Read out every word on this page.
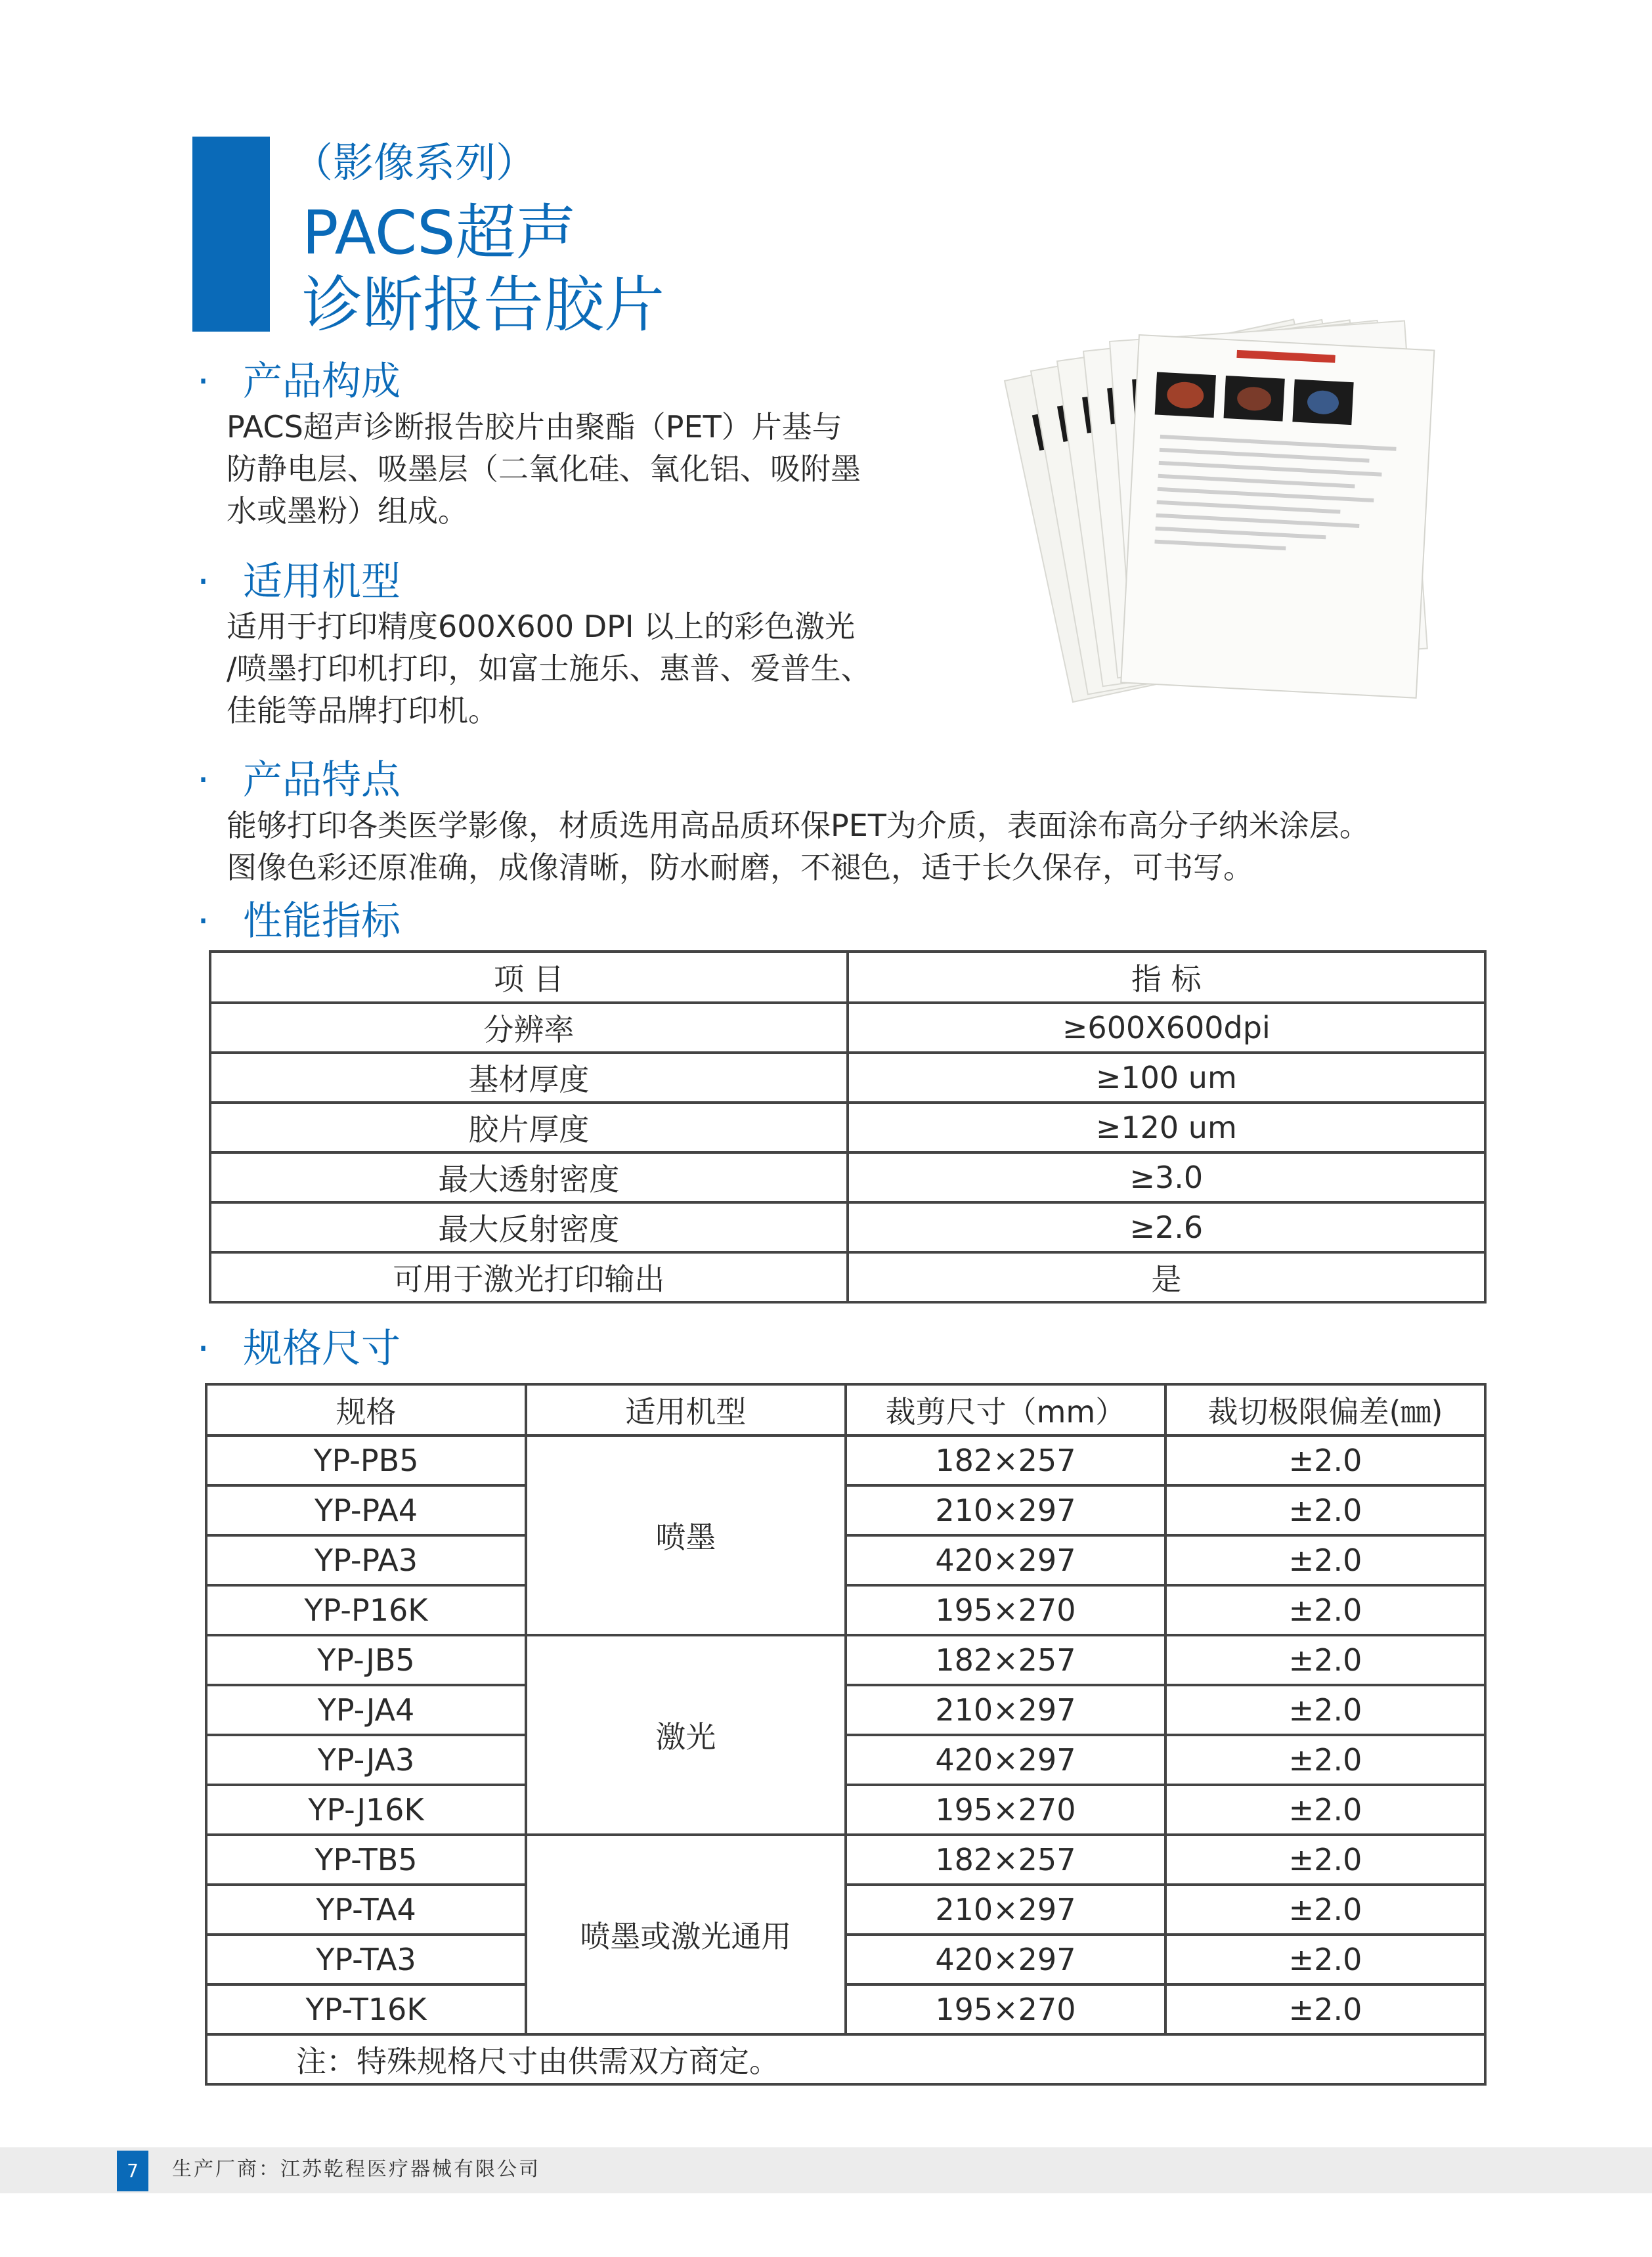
（影像系列）
PACS超声
诊断报告胶片
· 产品构成
PACS超声诊断报告胶片由聚酯（PET）片基与
防静电层、吸墨层（二氧化硅、氧化铝、吸附墨
水或墨粉）组成。
· 适用机型
适用于打印精度600X600 DPI 以上的彩色激光
/喷墨打印机打印，如富士施乐、惠普、爱普生、
佳能等品牌打印机。
· 产品特点
能够打印各类医学影像，材质选用高品质环保PET为介质，表面涂布高分子纳米涂层。
图像色彩还原准确，成像清晰，防水耐磨，不褪色，适于长久保存，可书写。
· 性能指标
项 目	指 标
分辨率	≥600X600dpi
基材厚度	≥100 um
胶片厚度	≥120 um
最大透射密度	≥3.0
最大反射密度	≥2.6
可用于激光打印输出	是
· 规格尺寸
规格	适用机型	裁剪尺寸（mm）	裁切极限偏差(㎜)
YP-PB5	喷墨	182×257	±2.0
YP-PA4		210×297	±2.0
YP-PA3		420×297	±2.0
YP-P16K		195×270	±2.0
YP-JB5	激光	182×257	±2.0
YP-JA4		210×297	±2.0
YP-JA3		420×297	±2.0
YP-J16K		195×270	±2.0
YP-TB5	喷墨或激光通用	182×257	±2.0
YP-TA4		210×297	±2.0
YP-TA3		420×297	±2.0
YP-T16K		195×270	±2.0
注：特殊规格尺寸由供需双方商定。			
7	生产厂商：江苏乾程医疗器械有限公司
